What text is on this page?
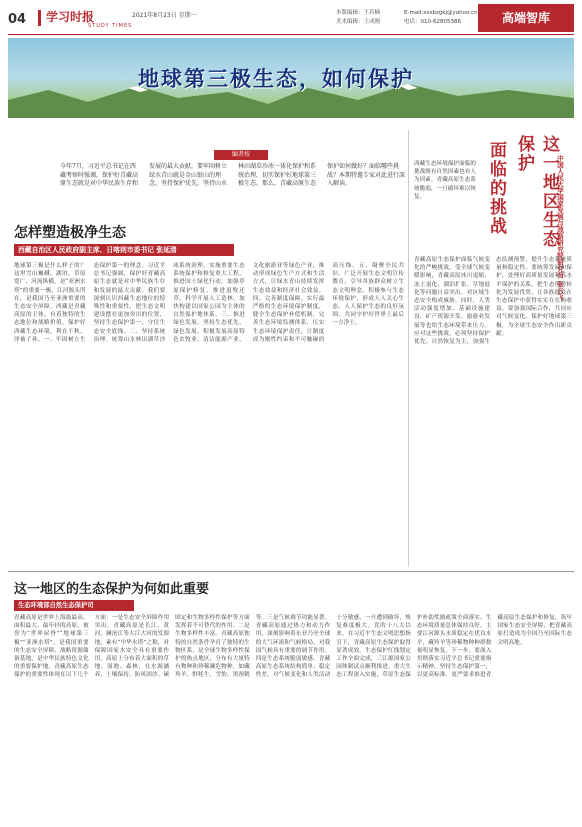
04 学习时报
STUDY TIMES
2021年8月23日 星期一	本版编辑：王若楠
美术编辑：王成刚
E-mail:xxsbzgkj@yahoo.cn
电话：010-62805386	高端智库
地球第三极生态，如何保护
编者按
今年7月，习近平总书记在西藏考察时强调，保护好青藏高原生态就是对中华民族生存和发展的最大贡献。要牢固树立绿水青山就是金山银山的理念，坚持保护优先，坚持山水林田湖草沙冰一体化保护和系统治理，切实保护好地球第三极生态。那么，青藏高原生态保护如何做好？面临哪些挑战？本期特邀专家对此进行深入解读。	这一地区生态保护
面临的挑战	中国人民大学国家发展与战略研究院研究员 张云飞
西藏生态环境保护面临的挑战既有自然因素也有人为因素。青藏高原生态系统脆弱，一旦破坏难以恢复。
怎样塑造极净生态
西藏自治区人民政府副主席、日喀则市委书记 张延清
地球第三极是什么样子的？这里雪山巍峨、湖泊、草原宽广、河流纵横，是“亚洲水塔”的重要一极，江河源头所在，是我国乃至亚洲重要的生态安全屏障。西藏是青藏高原的主体，有着独特的生态地位和战略价值。保护好西藏生态环境，利在千秋、泽被子孙。一、牢固树立生态保护第一的理念。习近平总书记强调，保护好青藏高原生态就是对中华民族生存和发展的最大贡献。我们要深刻认识西藏生态地位的特殊性和重要性，把生态文明建设摆在更加突出的位置，坚持生态保护第一，守住生态安全底线。二、坚持系统治理。统筹山水林田湖草沙冰系统治理，实施重要生态系统保护和修复重大工程，推进国土绿化行动，加强草原保护修复，推进退牧还草，科学开展人工造林，加快构建以国家公园为主体的自然保护地体系。三、推进绿色发展。坚持生态优先、绿色发展，积极发展高原特色农牧业、清洁能源产业、文化旅游业等绿色产业，推动形成绿色生产方式和生活方式，让绿水青山持续发挥生态效益和经济社会效益。四、完善制度保障。实行最严格的生态环境保护制度，健全生态保护补偿机制，完善生态环境监测体系，压实生态环境保护责任，让制度成为刚性约束和不可触碰的高压线。五、凝聚全民共识。广泛开展生态文明宣传教育，引导各族群众树立生态文明理念，积极参与生态环境保护，形成人人关心生态、人人保护生态的良好氛围，共同守护好世界上最后一方净土。
青藏高原生态保护面临气候变化的严峻挑战。受全球气候变暖影响，青藏高原冰川退缩、冻土退化、湖泊扩张、草地退化等问题日益突出，对区域生态安全构成威胁。同时，人类活动强度增加、基础设施建设、矿产资源开发、旅游业发展等也给生态环境带来压力。应对这些挑战，必须坚持保护优先、自然恢复为主，加强生态监测预警，提升生态系统质量和稳定性。要统筹发展和保护，处理好高质量发展和高水平保护的关系，把生态优势转化为发展优势，让各族群众在生态保护中获得实实在在的收益。要加强国际合作，共同应对气候变化，保护好地球第三极，为全球生态安全作出新贡献。
这一地区的生态保护为何如此重要
生态环境部自然生态保护司
青藏高原是世界上海拔最高、面积最大、最年轻的高原，被誉为“世界屋脊”“地球第三极”“亚洲水塔”，是我国重要的生态安全屏障、战略资源储备基地，是中华民族特色文化的重要保护地。青藏高原生态保护的重要性体现在以下几个方面：一是生态安全屏障作用突出。青藏高原是长江、黄河、澜沧江等大江大河的发源地，素有“中华水塔”之称，对保障国家水安全具有重要作用。高原上分布着大面积的草地、湿地、森林，在水源涵养、土壤保持、防风固沙、碳固定和生物多样性保护等方面发挥着不可替代的作用。二是生物多样性丰富。青藏高原独特的自然条件孕育了独特的生物区系，是全球生物多样性保护的热点地区，分布有大量特有物种和珍稀濒危物种，如藏羚羊、野牦牛、雪豹、黑颈鹤等。三是气候调节功能显著。青藏高原通过热力和动力作用，深刻影响着东亚乃至全球的大气环流和气候格局，对我国气候具有重要的调节作用。四是生态系统脆弱敏感。青藏高原生态系统结构简单、稳定性差，对气候变化和人类活动十分敏感，一旦遭到破坏，恢复难度极大。党的十八大以来，在习近平生态文明思想指引下，青藏高原生态保护取得显著成效。生态保护红线划定工作全面完成，三江源国家公园体制试点顺利推进，重大生态工程深入实施，草原生态保护补助奖励政策全面落实，生态环境质量总体保持良好，主要江河源头水质稳定在优良水平，藏羚羊等珍稀物种种群数量明显恢复。下一步，要深入贯彻落实习近平总书记重要指示精神，坚持生态保护第一，以更高标准、更严要求推进青藏高原生态保护和修复，筑牢国家生态安全屏障，把青藏高原打造成为全国乃至国际生态文明高地。
